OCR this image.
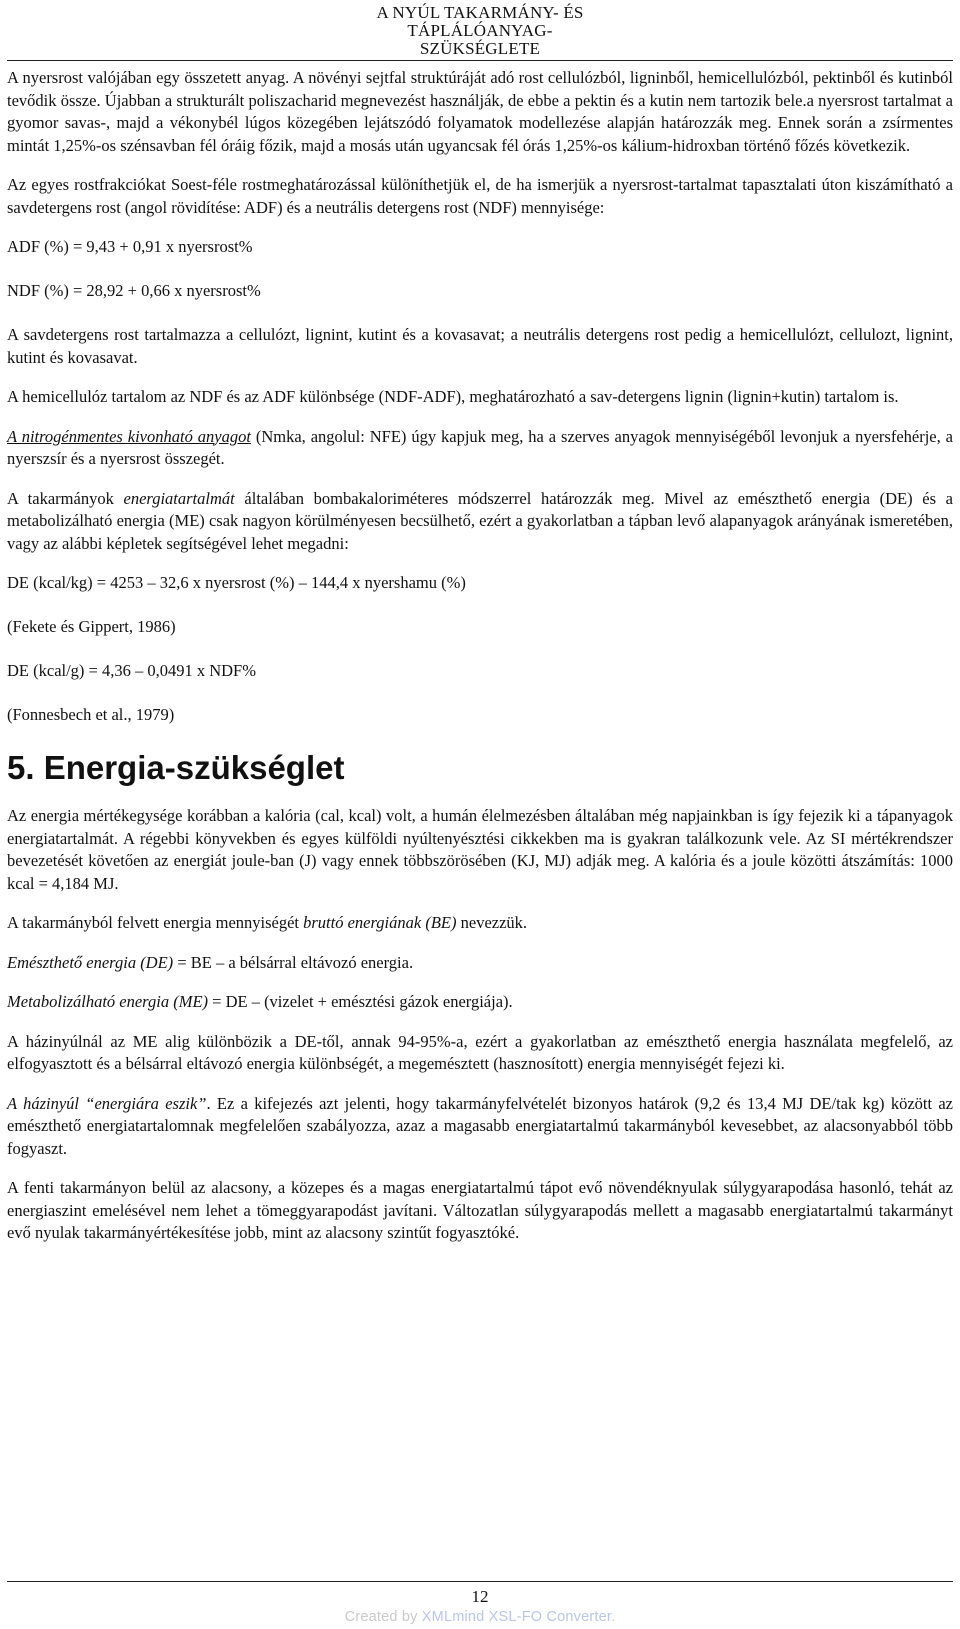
A NYÚL TAKARMÁNY- ÉS
TÁPLÁLÓANYAG-
SZÜKSÉGLETE

A nyersrost valójában egy összetett anyag. A növényi sejtfal struktúráját adó rost cellulózból, ligninből, hemicellulózból, pektinből és kutinból tevődik össze. Újabban a strukturált poliszacharid megnevezést használják, de ebbe a pektin és a kutin nem tartozik bele.a nyersrost tartalmat a gyomor savas-, majd a vékonybél lúgos közegében lejátszódó folyamatok modellezése alapján határozzák meg. Ennek során a zsírmentes mintát 1,25%-os szénsavban fél óráig főzik, majd a mosás után ugyancsak fél órás 1,25%-os kálium-hidroxban történő főzés következik.

Az egyes rostfrakciókat Soest-féle rostmeghatározással különíthetjük el, de ha ismerjük a nyersrost-tartalmat tapasztalati úton kiszámítható a savdetergens rost (angol rövidítése: ADF) és a neutrális detergens rost (NDF) mennyisége:

ADF (%) = 9,43 + 0,91 x nyersrost%

NDF (%) = 28,92 + 0,66 x nyersrost%

A savdetergens rost tartalmazza a cellulózt, lignint, kutint és a kovasavat; a neutrális detergens rost pedig a hemicellulózt, cellulozt, lignint, kutint és kovasavat.

A hemicellulóz tartalom az NDF és az ADF különbsége (NDF-ADF), meghatározható a sav-detergens lignin (lignin+kutin) tartalom is.

A nitrogénmentes kivonható anyagot (Nmka, angolul: NFE) úgy kapjuk meg, ha a szerves anyagok mennyiségéből levonjuk a nyersfehérje, a nyerszsír és a nyersrost összegét.

A takarmányok energiatartalmát általában bombakaloriméteres módszerrel határozzák meg. Mivel az emészthető energia (DE) és a metabolizálható energia (ME) csak nagyon körülményesen becsülhető, ezért a gyakorlatban a tápban levő alapanyagok arányának ismeretében, vagy az alábbi képletek segítségével lehet megadni:

DE (kcal/kg) = 4253 – 32,6 x nyersrost (%) – 144,4 x nyershamu (%)

(Fekete és Gippert, 1986)

DE (kcal/g) = 4,36 – 0,0491 x NDF%

(Fonnesbech et al., 1979)

5. Energia-szükséglet

Az energia mértékegysége korábban a kalória (cal, kcal) volt, a humán élelmezésben általában még napjainkban is így fejezik ki a tápanyagok energiatartalmát. A régebbi könyvekben és egyes külföldi nyúltenyésztési cikkekben ma is gyakran találkozunk vele. Az SI mértékrendszer bevezetését követően az energiát joule-ban (J) vagy ennek többszörösében (KJ, MJ) adják meg. A kalória és a joule közötti átszámítás: 1000 kcal = 4,184 MJ.

A takarmányból felvett energia mennyiségét bruttó energiának (BE) nevezzük.

Emészthető energia (DE) = BE – a bélsárral eltávozó energia.

Metabolizálható energia (ME) = DE – (vizelet + emésztési gázok energiája).

A házinyúlnál az ME alig különbözik a DE-től, annak 94-95%-a, ezért a gyakorlatban az emészthető energia használata megfelelő, az elfogyasztott és a bélsárral eltávozó energia különbségét, a megemésztett (hasznosított) energia mennyiségét fejezi ki.

A házinyúl “energiára eszik”. Ez a kifejezés azt jelenti, hogy takarmányfelvételét bizonyos határok (9,2 és 13,4 MJ DE/tak kg) között az emészthető energiatartalomnak megfelelően szabályozza, azaz a magasabb energiatartalmú takarmányból kevesebbet, az alacsonyabból több fogyaszt.

A fenti takarmányon belül az alacsony, a közepes és a magas energiatartalmú tápot evő növendéknyulak súlygyarapodása hasonló, tehát az energiaszint emelésével nem lehet a tömeggyarapodást javítani. Változatlan súlygyarapodás mellett a magasabb energiatartalmú takarmányt evő nyulak takarmányértékesítése jobb, mint az alacsony szintűt fogyasztóké.

12
Created by XMLmind XSL-FO Converter.
